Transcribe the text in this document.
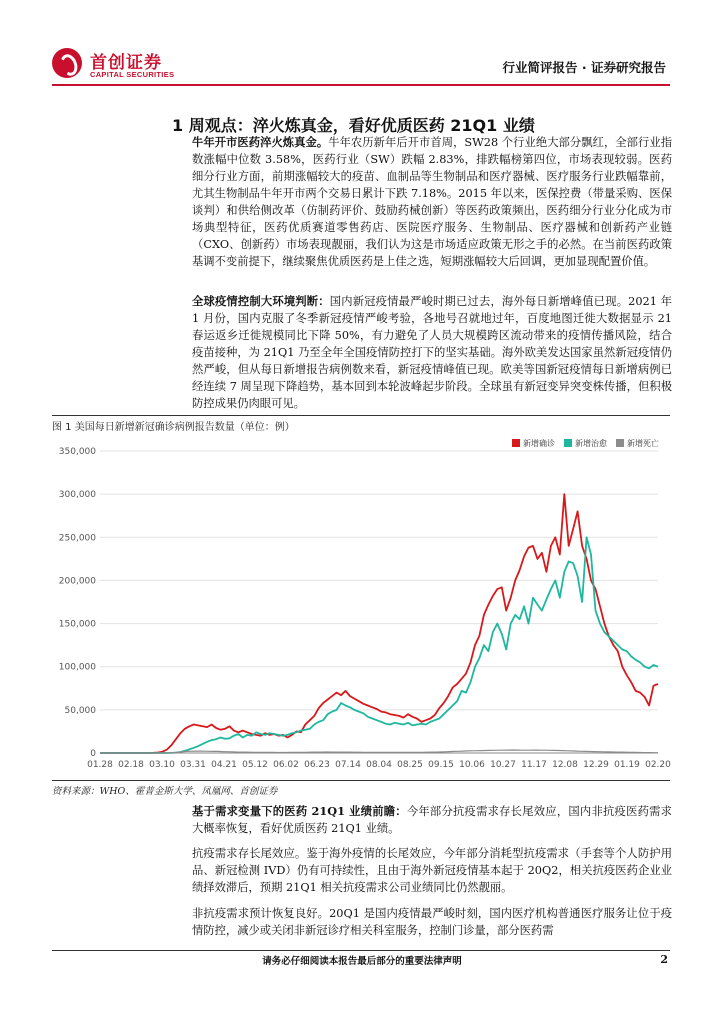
首创证券
CAPITAL SECURITIES	行业简评报告 · 证券研究报告
1 周观点：淬火炼真金，看好优质医药 21Q1 业绩

牛年开市医药淬火炼真金。牛年农历新年后开市首周，SW28 个行业绝大部分飘红，全部行业指数涨幅中位数 3.58%，医药行业（SW）跌幅 2.83%，排跌幅榜第四位，市场表现较弱。医药细分行业方面，前期涨幅较大的疫苗、血制品等生物制品和医疗器械、医疗服务行业跌幅靠前，尤其生物制品牛年开市两个交易日累计下跌 7.18%。2015 年以来，医保控费（带量采购、医保谈判）和供给侧改革（仿制药评价、鼓励药械创新）等医药政策频出，医药细分行业分化成为市场典型特征，医药优质赛道零售药店、医院医疗服务、生物制品、医疗器械和创新药产业链（CXO、创新药）市场表现靓丽，我们认为这是市场适应政策无形之手的必然。在当前医药政策基调不变前提下，继续聚焦优质医药是上佳之选，短期涨幅较大后回调，更加显现配置价值。

全球疫情控制大环境判断：国内新冠疫情最严峻时期已过去，海外每日新增峰值已现。2021 年 1 月份，国内克服了冬季新冠疫情严峻考验，各地号召就地过年，百度地图迁徙大数据显示 21 春运返乡迁徙规模同比下降 50%，有力避免了人员大规模跨区流动带来的疫情传播风险，结合疫苗接种，为 21Q1 乃至全年全国疫情防控打下的坚实基础。海外欧美发达国家虽然新冠疫情仍然严峻，但从每日新增报告病例数来看，新冠疫情峰值已现。欧美等国新冠疫情每日新增病例已经连续 7 周呈现下降趋势，基本回到本轮波峰起步阶段。全球虽有新冠变异突变株传播，但积极防控成果仍肉眼可见。

图 1 美国每日新增新冠确诊病例报告数量（单位：例）
0
50,000
100,000
150,000
200,000
250,000
300,000
350,000
01.28 02.18 03.10 03.31 04.21 05.12 06.02 06.23 07.14 08.04 08.25 09.15 10.06 10.27 11.17 12.08 12.29 01.19 02.20
新增确诊	新增治愈	新增死亡
资料来源：WHO、霍普金斯大学、凤凰网、首创证券

基于需求变量下的医药 21Q1 业绩前瞻：今年部分抗疫需求存长尾效应，国内非抗疫医药需求大概率恢复，看好优质医药 21Q1 业绩。

抗疫需求存长尾效应。鉴于海外疫情的长尾效应，今年部分消耗型抗疫需求（手套等个人防护用品、新冠检测 IVD）仍有可持续性，且由于海外新冠疫情基本起于 20Q2，相关抗疫医药企业业绩择效滞后，预期 21Q1 相关抗疫需求公司业绩同比仍然靓丽。

非抗疫需求预计恢复良好。20Q1 是国内疫情最严峻时刻，国内医疗机构普通医疗服务让位于疫情防控，减少或关闭非新冠诊疗相关科室服务，控制门诊量，部分医药需

请务必仔细阅读本报告最后部分的重要法律声明	2
